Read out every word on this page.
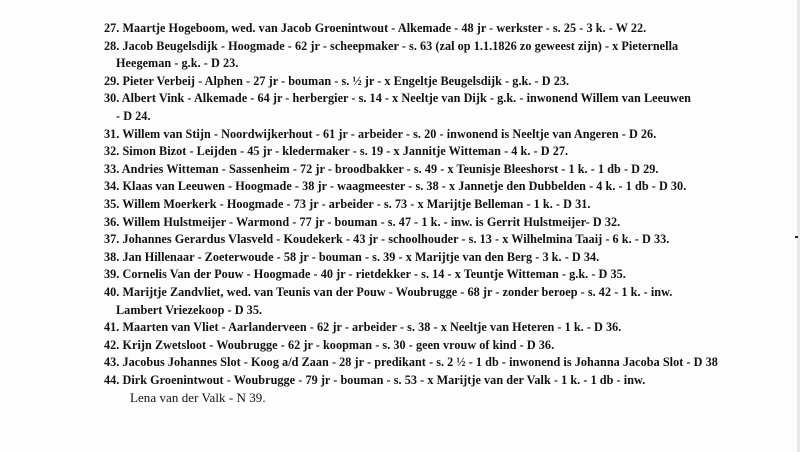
27. Maartje Hogeboom, wed. van Jacob Groenintwout - Alkemade - 48 jr - werkster - s. 25 - 3 k. - W 22.
28. Jacob Beugelsdijk - Hoogmade - 62 jr - scheepmaker - s. 63 (zal op 1.1.1826 zo geweest zijn) - x Pieternella
Heegeman - g.k. - D 23.
29. Pieter Verbeij - Alphen - 27 jr - bouman - s. ½ jr - x Engeltje Beugelsdijk - g.k. - D 23.
30. Albert Vink - Alkemade - 64 jr - herbergier - s. 14 - x Neeltje van Dijk - g.k. - inwonend Willem van Leeuwen
- D 24.
31. Willem van Stijn - Noordwijkerhout - 61 jr - arbeider - s. 20 - inwonend is Neeltje van Angeren - D 26.
32. Simon Bizot - Leijden - 45 jr - kledermaker - s. 19 - x Jannitje Witteman - 4 k. - D 27.
33. Andries Witteman - Sassenheim - 72 jr - broodbakker - s. 49 - x Teunisje Bleeshorst - 1 k. - 1 db - D 29.
34. Klaas van Leeuwen - Hoogmade - 38 jr - waagmeester - s. 38 - x Jannetje den Dubbelden - 4 k. - 1 db - D 30.
35. Willem Moerkerk - Hoogmade - 73 jr - arbeider - s. 73 - x Marijtje Belleman - 1 k. - D 31.
36. Willem Hulstmeijer - Warmond - 77 jr - bouman - s. 47 - 1 k. - inw. is Gerrit Hulstmeijer- D 32.
37. Johannes Gerardus Vlasveld - Koudekerk - 43 jr - schoolhouder - s. 13 - x Wilhelmina Taaij - 6 k. - D 33.
38. Jan Hillenaar - Zoeterwoude - 58 jr - bouman - s. 39 - x Marijtje van den Berg - 3 k. - D 34.
39. Cornelis Van der Pouw - Hoogmade - 40 jr - rietdekker - s. 14 - x Teuntje Witteman - g.k. - D 35.
40. Marijtje Zandvliet, wed. van Teunis van der Pouw - Woubrugge - 68 jr - zonder beroep - s. 42 - 1 k. - inw.
Lambert Vriezekoop - D 35.
41. Maarten van Vliet - Aarlanderveen - 62 jr - arbeider - s. 38 - x Neeltje van Heteren - 1 k. - D 36.
42. Krijn Zwetsloot - Woubrugge - 62 jr - koopman - s. 30 - geen vrouw of kind - D 36.
43. Jacobus Johannes Slot - Koog a/d Zaan - 28 jr - predikant - s. 2 ½ - 1 db - inwonend is Johanna Jacoba Slot - D 38
44. Dirk Groenintwout - Woubrugge - 79 jr - bouman - s. 53 - x Marijtje van der Valk - 1 k. - 1 db - inw.
Lena van der Valk - N 39.
